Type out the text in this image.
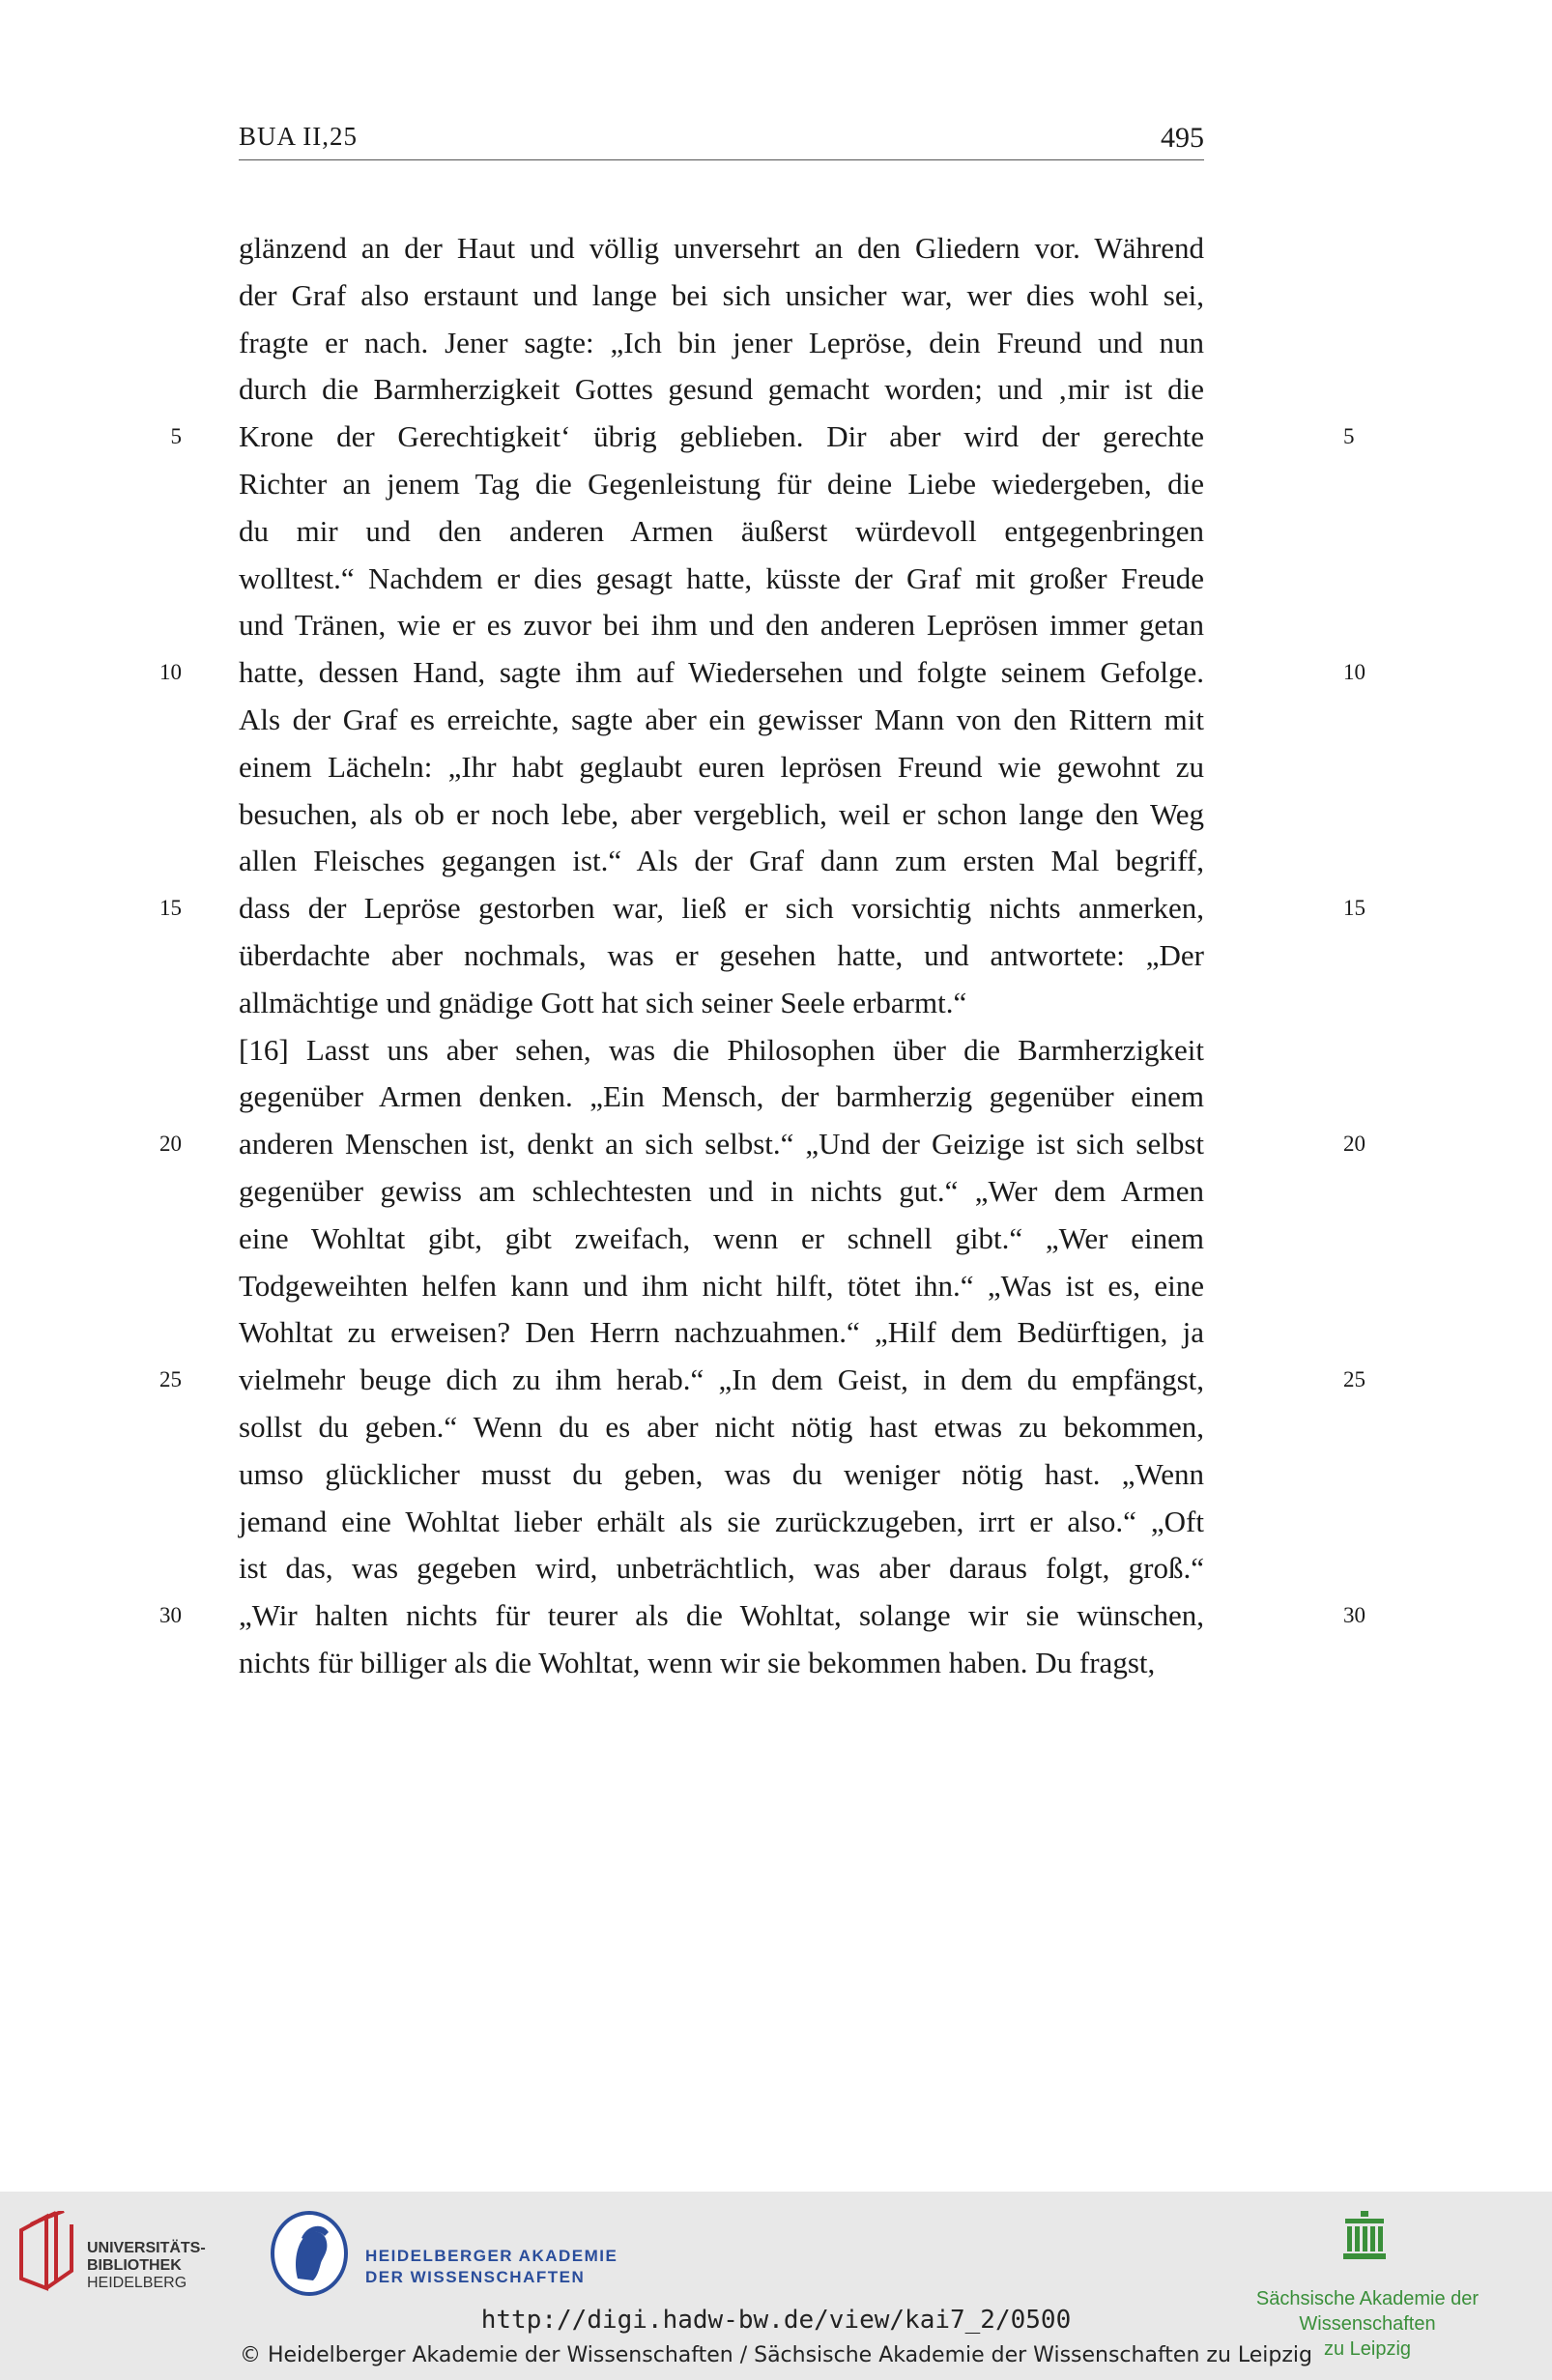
BUA II,25	495
glänzend an der Haut und völlig unversehrt an den Gliedern vor. Während
der Graf also erstaunt und lange bei sich unsicher war, wer dies wohl sei,
fragte er nach. Jener sagte: „Ich bin jener Lepröse, dein Freund und nun
durch die Barmherzigkeit Gottes gesund gemacht worden; und ‚mir ist die
Krone der Gerechtigkeit‘ übrig geblieben. Dir aber wird der gerechte
Richter an jenem Tag die Gegenleistung für deine Liebe wiedergeben, die
du mir und den anderen Armen äußerst würdevoll entgegenbringen
wolltest.“ Nachdem er dies gesagt hatte, küsste der Graf mit großer Freude
und Tränen, wie er es zuvor bei ihm und den anderen Leprösen immer getan
hatte, dessen Hand, sagte ihm auf Wiedersehen und folgte seinem Gefolge.
Als der Graf es erreichte, sagte aber ein gewisser Mann von den Rittern mit
einem Lächeln: „Ihr habt geglaubt euren leprösen Freund wie gewohnt zu
besuchen, als ob er noch lebe, aber vergeblich, weil er schon lange den Weg
allen Fleisches gegangen ist.“ Als der Graf dann zum ersten Mal begriff,
dass der Lepröse gestorben war, ließ er sich vorsichtig nichts anmerken,
überdachte aber nochmals, was er gesehen hatte, und antwortete: „Der
allmächtige und gnädige Gott hat sich seiner Seele erbarmt.“
[16] Lasst uns aber sehen, was die Philosophen über die Barmherzigkeit
gegenüber Armen denken. „Ein Mensch, der barmherzig gegenüber einem
anderen Menschen ist, denkt an sich selbst.“ „Und der Geizige ist sich selbst
gegenüber gewiss am schlechtesten und in nichts gut.“ „Wer dem Armen
eine Wohltat gibt, gibt zweifach, wenn er schnell gibt.“ „Wer einem
Todgeweihten helfen kann und ihm nicht hilft, tötet ihn.“ „Was ist es, eine
Wohltat zu erweisen? Den Herrn nachzuahmen.“ „Hilf dem Bedürftigen, ja
vielmehr beuge dich zu ihm herab.“ „In dem Geist, in dem du empfängst,
sollst du geben.“ Wenn du es aber nicht nötig hast etwas zu bekommen,
umso glücklicher musst du geben, was du weniger nötig hast. „Wenn
jemand eine Wohltat lieber erhält als sie zurückzugeben, irrt er also.“ „Oft
ist das, was gegeben wird, unbeträchtlich, was aber daraus folgt, groß.“
„Wir halten nichts für teurer als die Wohltat, solange wir sie wünschen,
nichts für billiger als die Wohltat, wenn wir sie bekommen haben. Du fragst,
5
10
15
20
25
30
5
10
15
20
25
30
UNIVERSITÄTS-
BIBLIOTHEK
HEIDELBERG
HEIDELBERGER AKADEMIE
DER WISSENSCHAFTEN
Sächsische Akademie der Wissenschaften
zu Leipzig
http://digi.hadw-bw.de/view/kai7_2/0500
© Heidelberger Akademie der Wissenschaften / Sächsische Akademie der Wissenschaften zu Leipzig
